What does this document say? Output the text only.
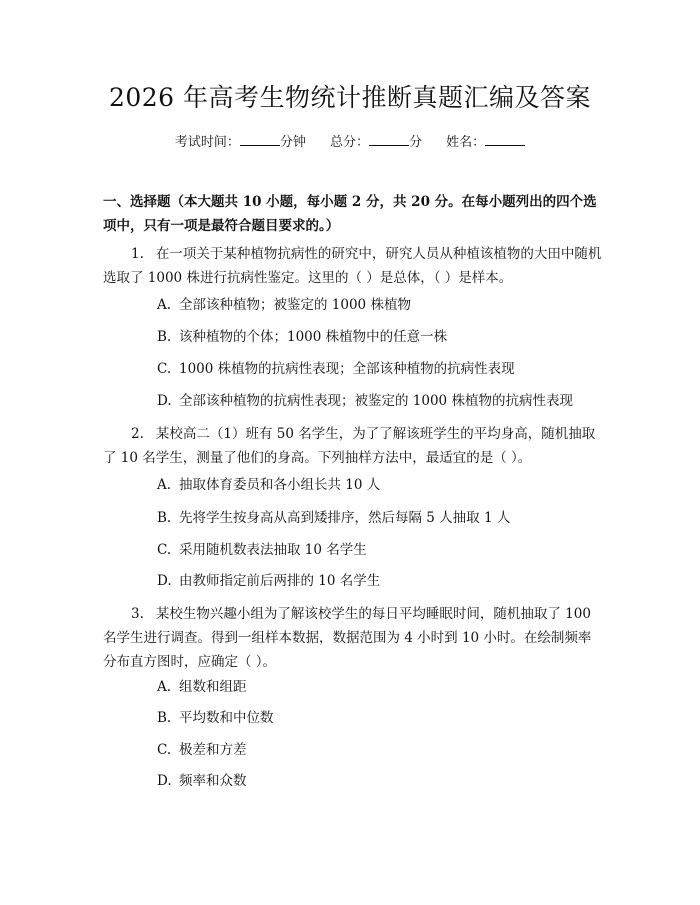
2026 年高考生物统计推断真题汇编及答案
考试时间：	分钟 总分：	分 姓名：
一、选择题（本大题共 10 小题，每小题 2 分，共 20 分。在每小题列出的四个选项中，只有一项是最符合题目要求的。）
1. 在一项关于某种植物抗病性的研究中，研究人员从种植该植物的大田中随机选取了 1000 株进行抗病性鉴定。这里的（ ）是总体，（ ）是样本。
A. 全部该种植物；被鉴定的 1000 株植物
B. 该种植物的个体；1000 株植物中的任意一株
C. 1000 株植物的抗病性表现；全部该种植物的抗病性表现
D. 全部该种植物的抗病性表现；被鉴定的 1000 株植物的抗病性表现
2. 某校高二（1）班有 50 名学生，为了了解该班学生的平均身高，随机抽取了 10 名学生，测量了他们的身高。下列抽样方法中，最适宜的是（ ）。
A. 抽取体育委员和各小组长共 10 人
B. 先将学生按身高从高到矮排序，然后每隔 5 人抽取 1 人
C. 采用随机数表法抽取 10 名学生
D. 由教师指定前后两排的 10 名学生
3. 某校生物兴趣小组为了解该校学生的每日平均睡眠时间，随机抽取了 100 名学生进行调查。得到一组样本数据，数据范围为 4 小时到 10 小时。在绘制频率分布直方图时，应确定（ ）。
A. 组数和组距
B. 平均数和中位数
C. 极差和方差
D. 频率和众数
